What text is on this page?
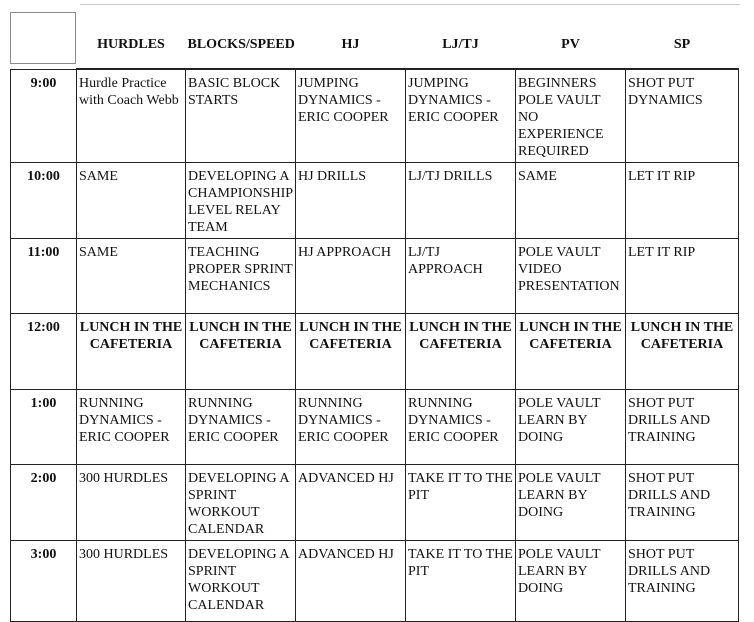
	HURDLES	BLOCKS/SPEED	HJ	LJ/TJ	PV	SP
9:00	Hurdle Practice with Coach Webb	BASIC BLOCK STARTS	JUMPING DYNAMICS - ERIC COOPER	JUMPING DYNAMICS - ERIC COOPER	BEGINNERS POLE VAULT NO EXPERIENCE REQUIRED	SHOT PUT DYNAMICS
10:00	SAME	DEVELOPING A CHAMPIONSHIP LEVEL RELAY TEAM	HJ DRILLS	LJ/TJ DRILLS	SAME	LET IT RIP
11:00	SAME	TEACHING PROPER SPRINT MECHANICS	HJ APPROACH	LJ/TJ APPROACH	POLE VAULT VIDEO PRESENTATION	LET IT RIP
12:00	LUNCH IN THE CAFETERIA	LUNCH IN THE CAFETERIA	LUNCH IN THE CAFETERIA	LUNCH IN THE CAFETERIA	LUNCH IN THE CAFETERIA	LUNCH IN THE CAFETERIA
1:00	RUNNING DYNAMICS - ERIC COOPER	RUNNING DYNAMICS - ERIC COOPER	RUNNING DYNAMICS - ERIC COOPER	RUNNING DYNAMICS - ERIC COOPER	POLE VAULT LEARN BY DOING	SHOT PUT DRILLS AND TRAINING
2:00	300 HURDLES	DEVELOPING A SPRINT WORKOUT CALENDAR	ADVANCED HJ	TAKE IT TO THE PIT	POLE VAULT LEARN BY DOING	SHOT PUT DRILLS AND TRAINING
3:00	300 HURDLES	DEVELOPING A SPRINT WORKOUT CALENDAR	ADVANCED HJ	TAKE IT TO THE PIT	POLE VAULT LEARN BY DOING	SHOT PUT DRILLS AND TRAINING
